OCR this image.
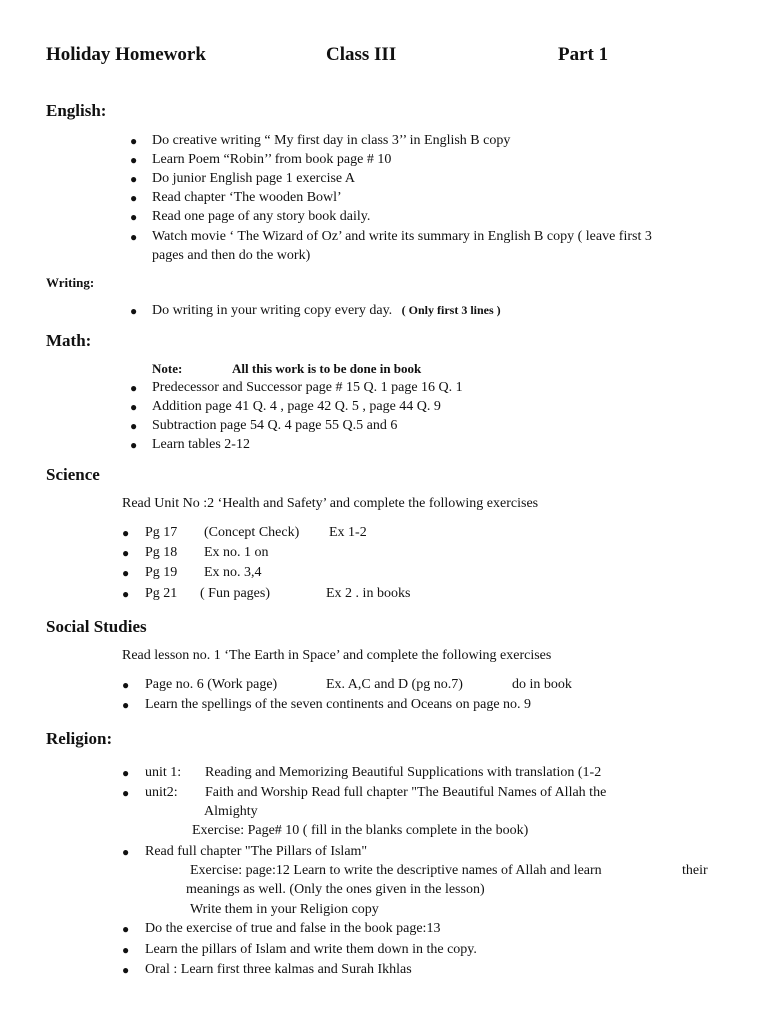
Holiday Homework	Class III	Part 1
English:
● Do creative writing “ My first day in class 3’’ in English B copy
● Learn Poem “Robin’’ from book page # 10
● Do junior English page 1 exercise A
● Read chapter ‘The wooden Bowl’
● Read one page of any story book daily.
● Watch movie ‘ The Wizard of Oz’ and write its summary in English B copy ( leave first 3
pages and then do the work)
Writing:
● Do writing in your writing copy every day. ( Only first 3 lines )
Math:
Note:	All this work is to be done in book
● Predecessor and Successor page # 15 Q. 1 page 16 Q. 1
● Addition page 41 Q. 4 , page 42 Q. 5 , page 44 Q. 9
● Subtraction page 54 Q. 4 page 55 Q.5 and 6
● Learn tables 2-12
Science
Read Unit No :2 ‘Health and Safety’ and complete the following exercises
● Pg 17 (Concept Check) Ex 1-2
● Pg 18 Ex no. 1 on
● Pg 19 Ex no. 3,4
● Pg 21 ( Fun pages)	Ex 2 . in books
Social Studies
Read lesson no. 1 ‘The Earth in Space’ and complete the following exercises
● Page no. 6 (Work page)	Ex. A,C and D (pg no.7)	do in book
● Learn the spellings of the seven continents and Oceans on page no. 9
Religion:
● unit 1: Reading and Memorizing Beautiful Supplications with translation (1-2
● unit2: Faith and Worship Read full chapter "The Beautiful Names of Allah the
Almighty
Exercise: Page# 10 ( fill in the blanks complete in the book)
● Read full chapter "The Pillars of Islam"
Exercise: page:12 Learn to write the descriptive names of Allah and learn	their
meanings as well. (Only the ones given in the lesson)
Write them in your Religion copy
● Do the exercise of true and false in the book page:13
● Learn the pillars of Islam and write them down in the copy.
● Oral : Learn first three kalmas and Surah Ikhlas
